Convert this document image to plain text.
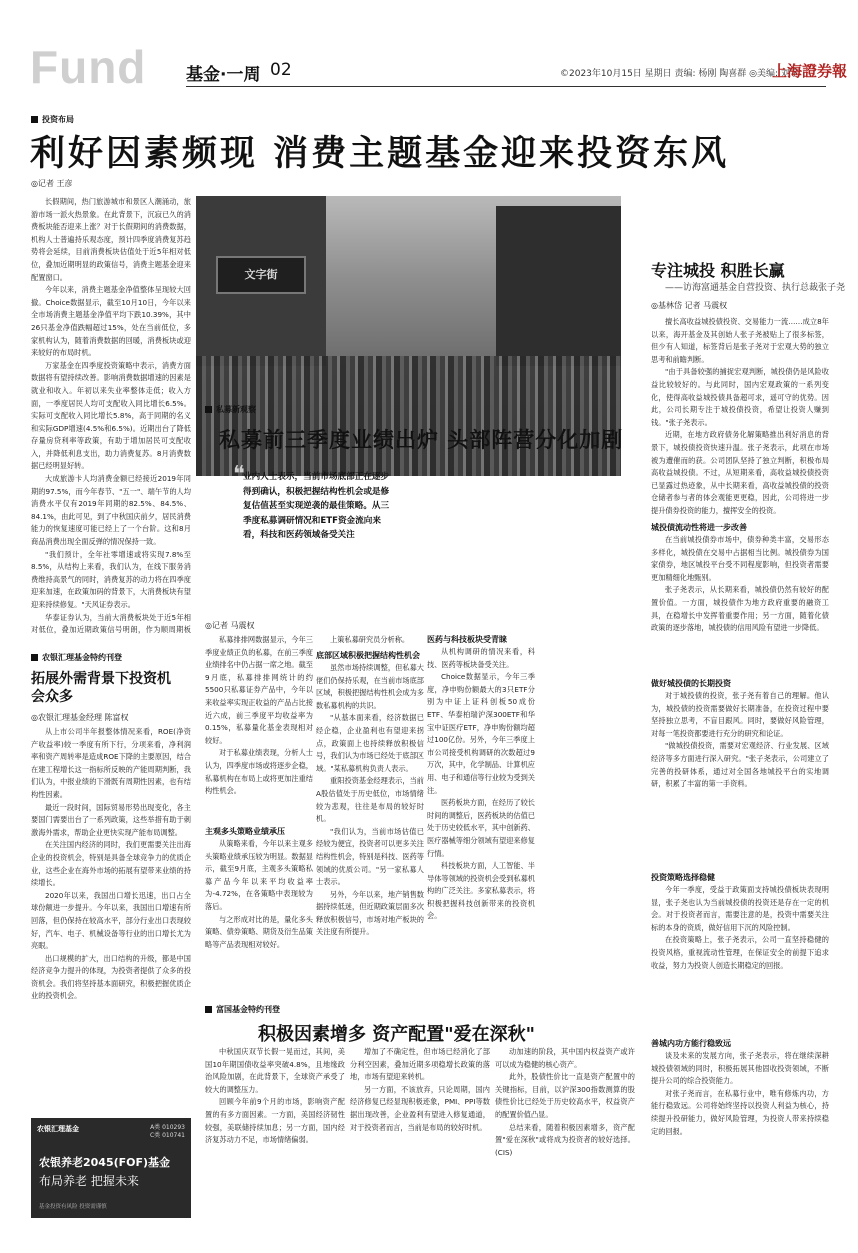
Fund 基金·一周 02	©2023年10月15日 星期日 责编: 杨刚 陶喜群 ◎美编: 刘宇
上海證券報
投资布局
利好因素频现 消费主题基金迎来投资东风
◎记者 王彦

长假期间，热门旅游城市和景区人潮涌动，旅游市场一派火热景象。在此背景下，沉寂已久的消费板块能否迎来上涨？对于长假期间的消费数据，机构人士普遍持乐观态度，预计四季度消费复苏趋势将会延续，目前消费板块估值处于近5年相对低位，叠加近期明显的政策信号，消费主题基金迎来配置窗口。

今年以来，消费主题基金净值整体呈现较大回撤。Choice数据显示，截至10月10日，今年以来全市场消费主题基金净值平均下跌10.39%，其中26只基金净值跌幅超过15%，处在当前低位，多家机构认为，随着消费数据的回暖，消费板块或迎来较好的布局时机。

万家基金在四季度投资策略中表示，消费方面数据将有望持续改善。影响消费数据增速的因素是就业和收入。年初以来失业率整体走低；收入方面，一季度居民人均可支配收入同比增长6.5%。实际可支配收入同比增长5.8%，高于同期的名义和实际GDP增速(4.5%和6.5%)。近期出台了降低存量房贷利率等政策，有助于增加居民可支配收入，并降低利息支出，助力消费复苏。8月消费数据已经明显好转。

大成旅游卡人均消费金额已经接近2019年同期的97.5%，而今年春节、"五一"、端午节的人均消费水平仅有2019年同期的82.5%、84.5%、84.1%，由此可见，到了中秋国庆前夕，居民消费能力的恢复速度可能已经上了一个台阶。这和8月商品消费出现全面反弹的情况保持一致。

"我们预计，全年社零增速或将实现7.8%至8.5%，从结构上来看，我们认为，在线下服务消费维持高景气的同时，消费复苏的动力将在四季度迎来加速，在政策加码的背景下，大消费板块有望迎来持续修复。"天风证券表示。

华泰证券认为，当前大消费板块处于近5年相对低位，叠加近期政策信号明朗，作为顺周期板

文字街	专注城投 积胜长赢
——访海富通基金自营投资、执行总裁张子尧
◎基林岱 记者 马震权

擅长高收益城投债投资、交易能力一流……成立8年以来，海开基金及其创始人张子尧被贴上了很多标签，但少有人知道，标签背后是张子尧对于宏观大势的独立思考和前瞻判断。

"由于具备较强的捕捉宏观判断，城投债仍是风险收益比较较好的。与此同时，国内宏观政策的一系列变化，使得高收益城投债具备超可求，遥可守的优势。因此，公司长期专注于城投债投资，希望让投资人赚到钱。"张子尧表示。

近期，在地方政府债务化解策略推出利好消息的背景下，城投债投资快速升温。张子尧表示，此项在市场被为遭催而的获。公司团队坚持了独立判断，积极布局高收益城投债。不过，从短期来看，高收益城投债投资已显露过热迹象，从中长期来看，高收益城投债的投资仓储者参与者的体会观能更更稳，因此，公司将进一步提升债券投资的能力，擅挥安全的投资。

城投债流动性将进一步改善

在当前城投债券市场中，债券种类丰富，交易形态多样化，城投债在交易中占据相当比例。城投债券为国家债券，地区城投平台受不同程度影响，但投资者需要更加精细化地甄别。

张子尧表示，从长期来看，城投债仍然有较好的配置价值。一方面，城投债作为地方政府重要的融资工具，在稳增长中发挥着重要作用；另一方面，随着化债政策的逐步落地，城投债的信用风险有望进一步降低。

做好城投债的长期投资

对于城投债的投资，张子尧有着自己的理解。他认为，城投债的投资需要做好长期准备，在投资过程中要坚持独立思考，不盲目跟风。同时，要做好风险管理，对每一笔投资都要进行充分的研究和论证。

"做城投债投资，需要对宏观经济、行业发展、区域经济等多方面进行深入研究。"张子尧表示，公司建立了完善的投研体系，通过对全国各地城投平台的实地调研，积累了丰富的第一手资料。

投资策略选择稳健

今年一季度，受益于政策面支持城投债板块表现明显，张子尧也认为当前城投债的投资还是存在一定的机会。对于投资者而言，需要注意的是，投资中需要关注标的本身的资质，做好信用下沉的风险控制。

在投资策略上，张子尧表示，公司一直坚持稳健的投资风格，重视流动性管理，在保证安全的前提下追求收益，努力为投资人创造长期稳定的回报。

善城内功方能行稳致远

谈及未来的发展方向，张子尧表示，将在继续深耕城投债领域的同时，积极拓展其他固收投资领域，不断提升公司的综合投资能力。

对张子尧而言，在私募行业中，唯有修炼内功，方能行稳致远。公司将始终坚持以投资人利益为核心，持续提升投研能力，做好风险管理，为投资人带来持续稳定的回报。

私募新观察
私募前三季度业绩出炉 头部阵营分化加剧
❝
业内人士表示，当前市场底部正在逐步得到确认，积极把握结构性机会或是修复估值甚至实现逆袭的最佳策略。从三季度私募调研情况和ETF资金流向来看，科技和医药领域备受关注
◎记者 马震权

私募排排网数据显示，今年三季度业绩正负的私募，在前三季度业绩排名中仍占据一席之地。截至9月底，私募排排网统计的约5500只私募证券产品中，今年以来收益率实现正收益的产品占比接近六成，前三季度平均收益率为0.15%，私募量化基金表现相对较好。

对于私募业绩表现，分析人士认为，四季度市场或将逐步企稳，私募机构在布局上或将更加注重结构性机会。

主观多头策略业绩承压

从策略来看，今年以来主观多头策略业绩承压较为明显。数据显示，截至9月底，主观多头策略私募产品今年以来平均收益率为-4.72%，在各策略中表现较为落后。

与之形成对比的是，量化多头策略、债券策略、期货及衍生品策略等产品表现相对较好。

上策私募研究员分析称。

底部区域积极把握结构性机会

虽然市场持续调整，但私募大佬们仍保持乐观，在当前市场底部区域，积极把握结构性机会成为多数私募机构的共识。

"从基本面来看，经济数据已经企稳，企业盈利也有望迎来拐点，政策面上也持续释放积极信号，我们认为市场已经处于底部区域。"某私募机构负责人表示。

重阳投资基金经理表示，当前A股估值处于历史低位，市场情绪较为悲观，往往是布局的较好时机。

"我们认为，当前市场估值已经较为便宜，投资者可以更多关注结构性机会，特别是科技、医药等领域的优质公司。"另一家私募人士表示。

另外，今年以来，地产销售数据持续低迷，但近期政策层面多次释放积极信号，市场对地产板块的关注度有所提升。

医药与科技板块受青睐

从机构调研的情况来看，科技、医药等板块备受关注。

Choice数据显示，今年三季度，净申购份额最大的3只ETF分别为中证上证科创板50成份ETF、华泰柏瑞沪深300ETF和华宝中证医疗ETF，净申购份额均超过100亿份。另外，今年三季度上市公司接受机构调研的次数超过9万次，其中，化学制品、计算机应用、电子和通信等行业较为受到关注。

医药板块方面，在经历了较长时间的调整后，医药板块的估值已处于历史较低水平，其中创新药、医疗器械等细分领域有望迎来修复行情。

科技板块方面，人工智能、半导体等领域的投资机会受到私募机构的广泛关注。多家私募表示，将积极把握科技创新带来的投资机会。

农银汇理基金特约刊登
拓展外需背景下投资机会众多
◎农银汇理基金经理 陈富权

从上市公司半年报整体情况来看，ROE(净资产收益率)较一季度有所下行，分项来看，净利润率和资产周转率是造成ROE下降的主要原因，结合在建工程增长这一指标所反映的产能周期判断，我们认为，中报业绩的下滑既有周期性因素，也有结构性因素。

最近一段时间，国际贸易形势出现变化，各主要国门需要出台了一系列政策，这些举措有助于刺激海外需求，帮助企业更快实现产能布局调整。

在关注国内经济的同时，我们更需要关注出海企业的投资机会，特别是具备全球竞争力的优质企业，这些企业在海外市场的拓展有望带来业绩的持续增长。

2020年以来，我国出口增长迅速，出口占全球份额进一步提升。今年以来，我国出口增速有所回落，但仍保持在较高水平，部分行业出口表现较好，汽车、电子、机械设备等行业的出口增长尤为亮眼。

出口规模的扩大，出口结构的升级，都是中国经济竞争力提升的体现，为投资者提供了众多的投资机会。我们将坚持基本面研究，积极把握优质企业的投资机会。

农银汇理基金	A类 010293
C类 010741
农银养老2045(FOF)基金
布局养老 把握未来
基金投资有风险 投资需谨慎
富国基金特约刊登
积极因素增多 资产配置"爱在深秋"

中秋国庆双节长假一晃而过，其间，美国10年期国债收益率突破4.8%，且地缘政治风险加剧，在此背景下，全球资产承受了较大的调整压力。

回顾今年前9个月的市场，影响资产配置的有多方面因素。一方面，美国经济韧性较强，美联储持续加息；另一方面，国内经济复苏动力不足，市场情绪偏弱。

增加了不确定性，但市场已经消化了部分利空因素，叠加近期多项稳增长政策的落地，市场有望迎来转机。

另一方面，不该放弃，只论周期，国内经济修复已经显现积极迹象，PMI、PPI等数据出现改善，企业盈利有望进入修复通道，对于投资者而言，当前是布局的较好时机。

动加速的阶段，其中国内权益资产或许可以成为稳健的核心资产。

此外，股债性价比一直是资产配置中的关键指标，目前，以沪深300指数测算的股债性价比已经处于历史较高水平，权益资产的配置价值凸显。

总结来看，随着积极因素增多，资产配置"爱在深秋"或将成为投资者的较好选择。(CIS)
